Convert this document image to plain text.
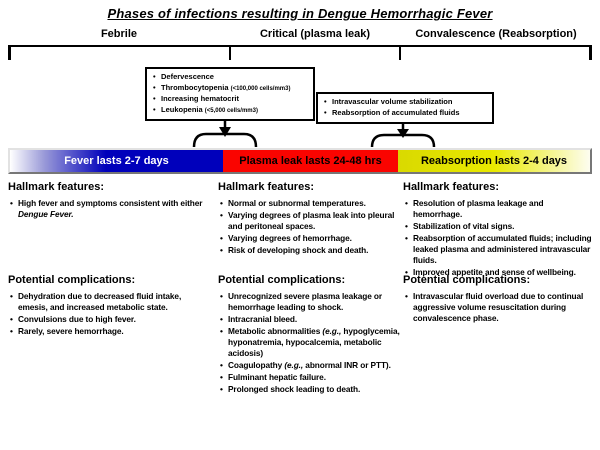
Phases of infections resulting in Dengue Hemorrhagic Fever
Febrile	Critical (plasma leak)	Convalescence (Reabsorption)
• Defervescence
• Thrombocytopenia (<100,000 cells/mm3)
• Increasing hematocrit
• Leukopenia (<5,000 cells/mm3)
• Intravascular volume stabilization
• Reabsorption of accumulated fluids
Fever lasts 2-7 days	Plasma leak lasts 24-48 hrs	Reabsorption lasts 2-4 days
Hallmark features:
• High fever and symptoms consistent with either Dengue Fever.
Hallmark features:
• Normal or subnormal temperatures.
• Varying degrees of plasma leak into pleural and peritoneal spaces.
• Varying degrees of hemorrhage.
• Risk of developing shock and death.
Hallmark features:
• Resolution of plasma leakage and hemorrhage.
• Stabilization of vital signs.
• Reabsorption of accumulated fluids; including leaked plasma and administered intravascular fluids.
• Improved appetite and sense of wellbeing.
Potential complications:
• Dehydration due to decreased fluid intake, emesis, and increased metabolic state.
• Convulsions due to high fever.
• Rarely, severe hemorrhage.
Potential complications:
• Unrecognized severe plasma leakage or hemorrhage leading to shock.
• Intracranial bleed.
• Metabolic abnormalities (e.g., hypoglycemia, hyponatremia, hypocalcemia, metabolic acidosis)
• Coagulopathy (e.g., abnormal INR or PTT).
• Fulminant hepatic failure.
• Prolonged shock leading to death.
Potential complications:
• Intravascular fluid overload due to continual aggressive volume resuscitation during convalescence phase.
